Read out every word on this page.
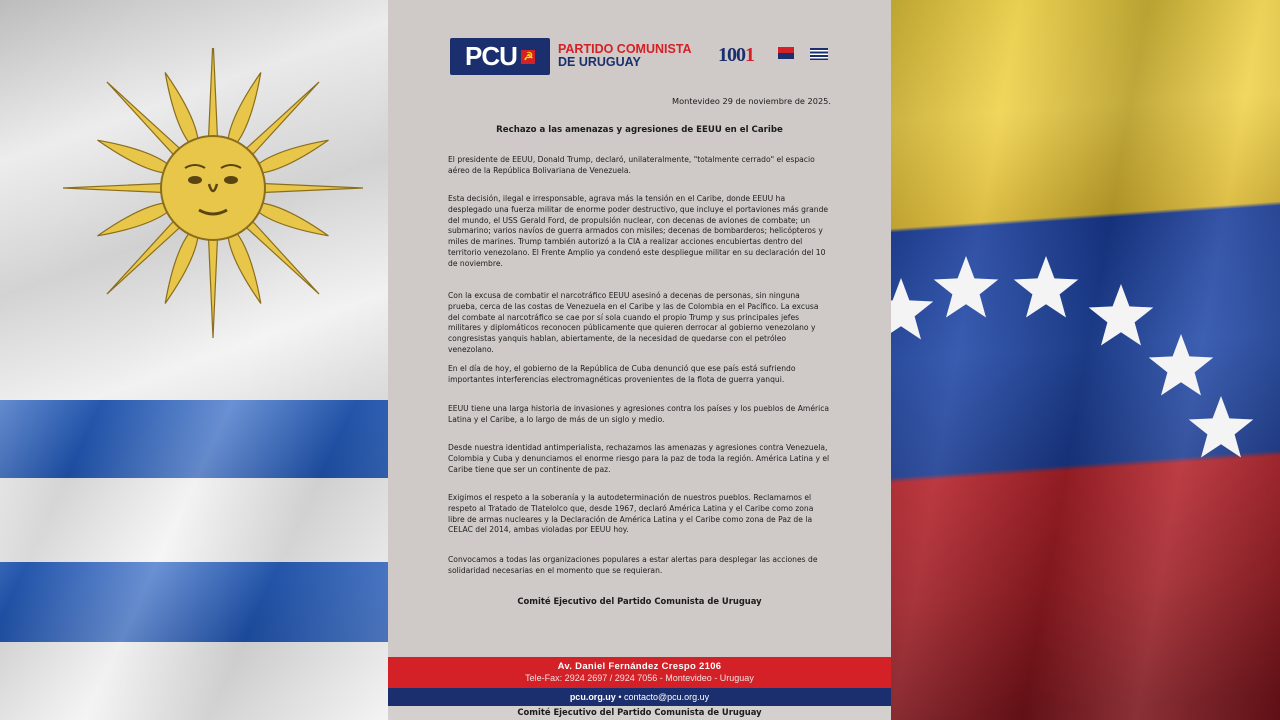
PCU ☭
PARTIDO COMUNISTA
DE URUGUAY	1001
Montevideo 29 de noviembre de 2025.
Rechazo a las amenazas y agresiones de EEUU en el Caribe

El presidente de EEUU, Donald Trump, declaró, unilateralmente, "totalmente cerrado" el espacio aéreo de la República Bolivariana de Venezuela.

Esta decisión, ilegal e irresponsable, agrava más la tensión en el Caribe, donde EEUU ha desplegado una fuerza militar de enorme poder destructivo, que incluye el portaviones más grande del mundo, el USS Gerald Ford, de propulsión nuclear, con decenas de aviones de combate; un submarino; varios navíos de guerra armados con misiles; decenas de bombarderos; helicópteros y miles de marines. Trump también autorizó a la CIA a realizar acciones encubiertas dentro del territorio venezolano. El Frente Amplio ya condenó este despliegue militar en su declaración del 10 de noviembre.

Con la excusa de combatir el narcotráfico EEUU asesinó a decenas de personas, sin ninguna prueba, cerca de las costas de Venezuela en el Caribe y las de Colombia en el Pacífico. La excusa del combate al narcotráfico se cae por sí sola cuando el propio Trump y sus principales jefes militares y diplomáticos reconocen públicamente que quieren derrocar al gobierno venezolano y congresistas yanquis hablan, abiertamente, de la necesidad de quedarse con el petróleo venezolano.

En el día de hoy, el gobierno de la República de Cuba denunció que ese país está sufriendo importantes interferencias electromagnéticas provenientes de la flota de guerra yanqui.

EEUU tiene una larga historia de invasiones y agresiones contra los países y los pueblos de América Latina y el Caribe, a lo largo de más de un siglo y medio.

Desde nuestra identidad antimperialista, rechazamos las amenazas y agresiones contra Venezuela, Colombia y Cuba y denunciamos el enorme riesgo para la paz de toda la región. América Latina y el Caribe tiene que ser un continente de paz.

Exigimos el respeto a la soberanía y la autodeterminación de nuestros pueblos. Reclamamos el respeto al Tratado de Tlatelolco que, desde 1967, declaró América Latina y el Caribe como zona libre de armas nucleares y la Declaración de América Latina y el Caribe como zona de Paz de la CELAC del 2014, ambas violadas por EEUU hoy.

Convocamos a todas las organizaciones populares a estar alertas para desplegar las acciones de solidaridad necesarias en el momento que se requieran.

Comité Ejecutivo del Partido Comunista de Uruguay
Av. Daniel Fernández Crespo 2106
Tele-Fax: 2924 2697 / 2924 7056 - Montevideo - Uruguay
pcu.org.uy • contacto@pcu.org.uy
Comité Ejecutivo del Partido Comunista de Uruguay
